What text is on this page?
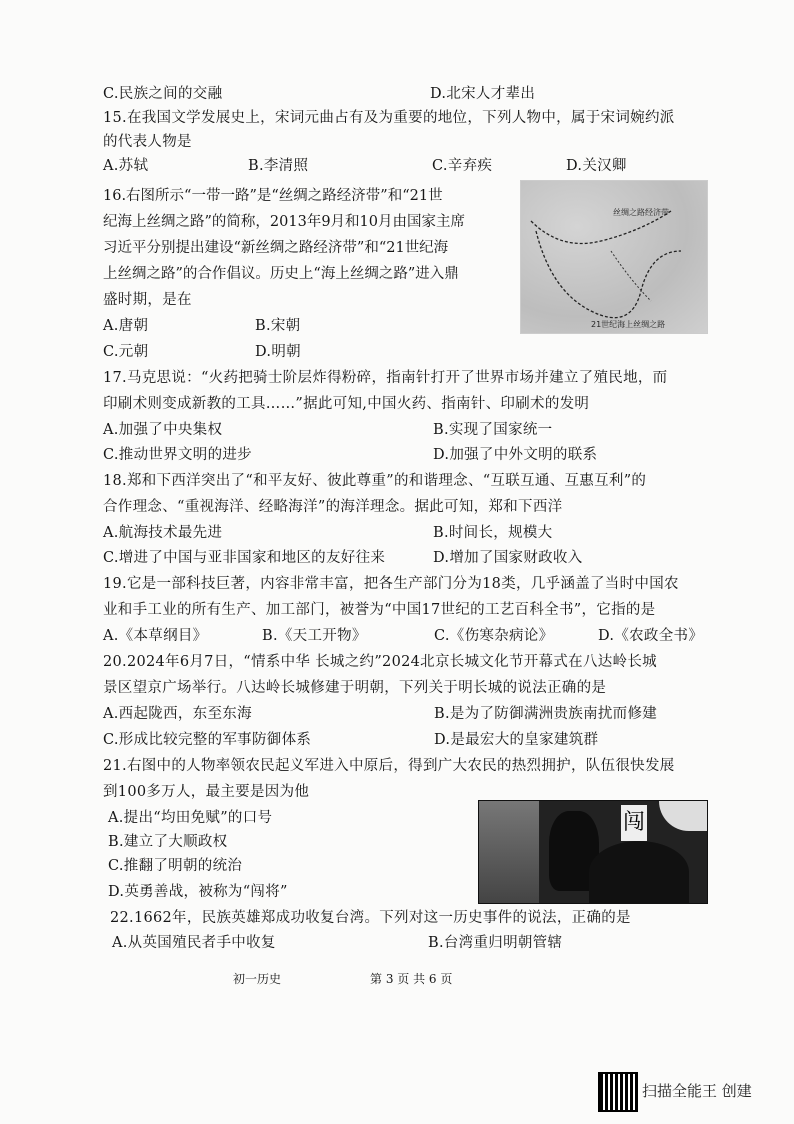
C.民族之间的交融	D.北宋人才辈出
15.在我国文学发展史上，宋词元曲占有及为重要的地位，下列人物中，属于宋词婉约派
的代表人物是
A.苏轼	B.李清照	C.辛弃疾	D.关汉卿
16.右图所示“一带一路”是“丝绸之路经济带”和“21世
纪海上丝绸之路”的简称，2013年9月和10月由国家主席
习近平分别提出建设“新丝绸之路经济带”和“21世纪海
上丝绸之路”的合作倡议。历史上“海上丝绸之路”进入鼎
盛时期，是在
A.唐朝	B.宋朝
C.元朝	D.明朝
丝绸之路经济带
21世纪海上丝绸之路
17.马克思说：“火药把骑士阶层炸得粉碎，指南针打开了世界市场并建立了殖民地，而
印刷术则变成新教的工具……”据此可知,中国火药、指南针、印刷术的发明
A.加强了中央集权	B.实现了国家统一
C.推动世界文明的进步	D.加强了中外文明的联系
18.郑和下西洋突出了“和平友好、彼此尊重”的和谐理念、“互联互通、互惠互利”的
合作理念、“重视海洋、经略海洋”的海洋理念。据此可知，郑和下西洋
A.航海技术最先进	B.时间长，规模大
C.增进了中国与亚非国家和地区的友好往来	D.增加了国家财政收入
19.它是一部科技巨著，内容非常丰富，把各生产部门分为18类，几乎涵盖了当时中国农
业和手工业的所有生产、加工部门，被誉为“中国17世纪的工艺百科全书”，它指的是
A.《本草纲目》	B.《天工开物》	C.《伤寒杂病论》	D.《农政全书》
20.2024年6月7日，“情系中华 长城之约”2024北京长城文化节开幕式在八达岭长城
景区望京广场举行。八达岭长城修建于明朝，下列关于明长城的说法正确的是
A.西起陇西，东至东海	B.是为了防御满洲贵族南扰而修建
C.形成比较完整的军事防御体系	D.是最宏大的皇家建筑群
21.右图中的人物率领农民起义军进入中原后，得到广大农民的热烈拥护，队伍很快发展
到100多万人，最主要是因为他
A.提出“均田免赋”的口号
B.建立了大顺政权
C.推翻了明朝的统治
D.英勇善战，被称为“闯将”
闯
22.1662年，民族英雄郑成功收复台湾。下列对这一历史事件的说法，正确的是
A.从英国殖民者手中收复	B.台湾重归明朝管辖
初一历史	第 3 页 共 6 页
扫描全能王 创建
